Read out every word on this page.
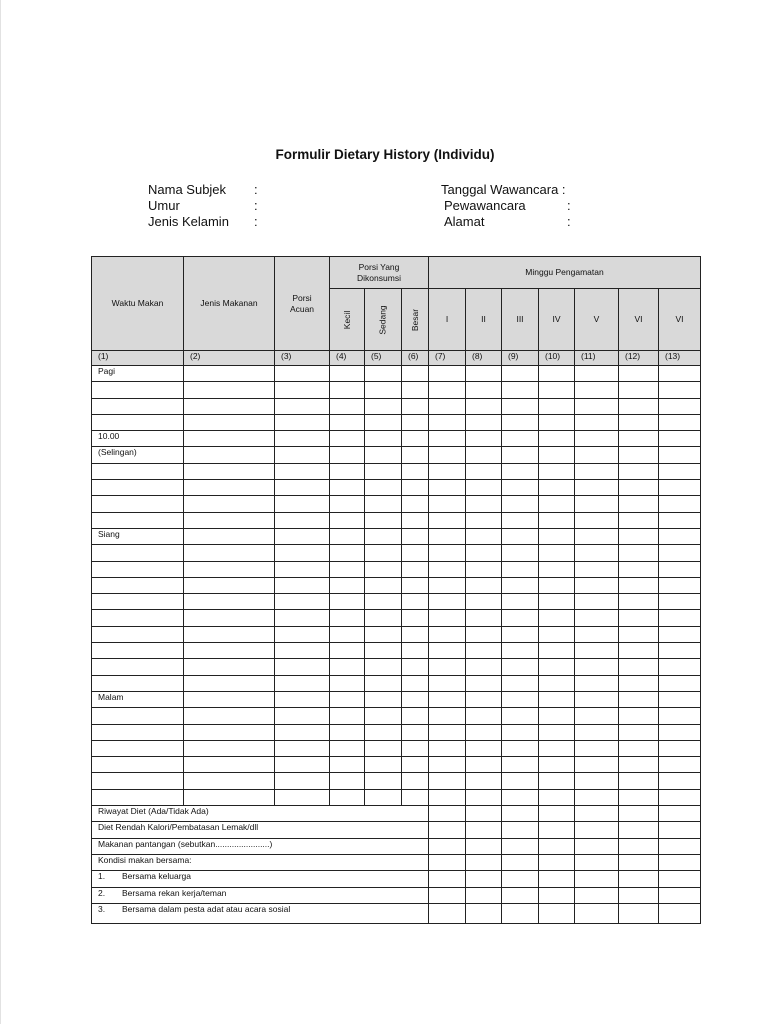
Formulir Dietary History (Individu)
Nama Subjek :
Umur	:
Jenis Kelamin :
Tanggal Wawancara :
Pewawancara	:
Alamat	:
Waktu Makan	Jenis Makanan	Porsi Acuan	Porsi Yang Dikonsumsi			Minggu Pengamatan						

			Kecil	Sedang	Besar	I	II	III	IV	V	VI	VI

(1)	(2)	(3)	(4)	(5)	(6)	(7)	(8)	(9)	(10)	(11)	(12)	(13)
Pagi												

10.00												
(Selingan)												

Siang												

Malam												

Riwayat Diet (Ada/Tidak Ada)												
Diet Rendah Kalori/Pembatasan Lemak/dll												
Makanan pantangan (sebutkan.......................)												
Kondisi makan bersama:												
1. Bersama keluarga												
2. Bersama rekan kerja/teman												
3. Bersama dalam pesta adat atau acara sosial												
